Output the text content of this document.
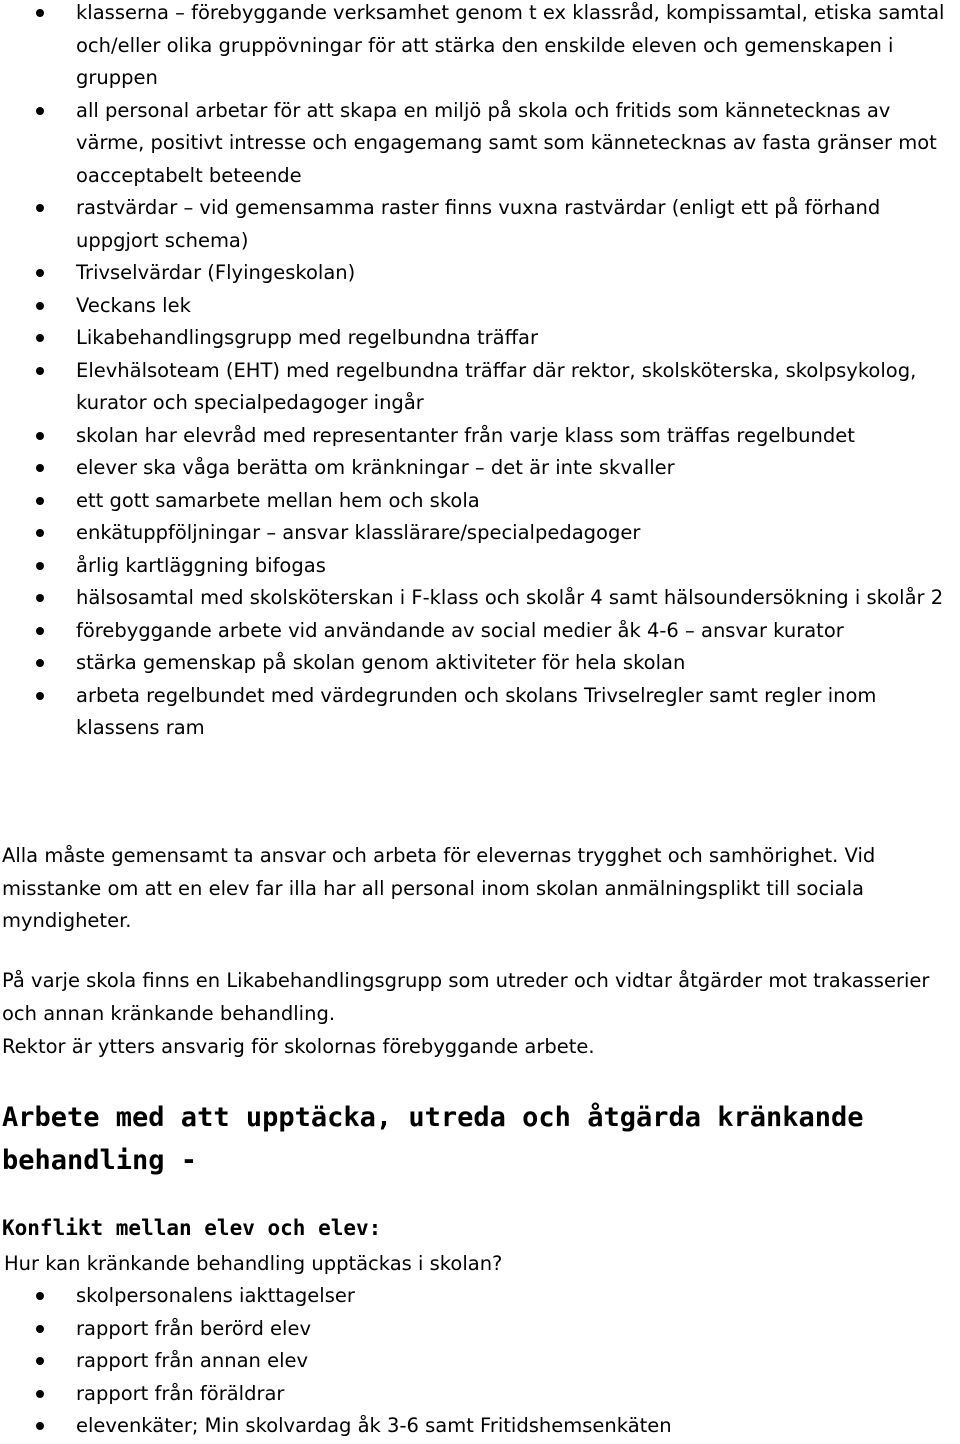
klasserna – förebyggande verksamhet genom t ex klassråd, kompissamtal, etiska samtal och/eller olika gruppövningar för att stärka den enskilde eleven och gemenskapen i gruppen
all personal arbetar för att skapa en miljö på skola och fritids som kännetecknas av värme, positivt intresse och engagemang samt som kännetecknas av fasta gränser mot oacceptabelt beteende
rastvärdar – vid gemensamma raster finns vuxna rastvärdar (enligt ett på förhand uppgjort schema)
Trivselvärdar (Flyingeskolan)
Veckans lek
Likabehandlingsgrupp med regelbundna träffar
Elevhälsoteam (EHT) med regelbundna träffar där rektor, skolsköterska, skolpsykolog, kurator och specialpedagoger ingår
skolan har elevråd med representanter från varje klass som träffas regelbundet
elever ska våga berätta om kränkningar – det är inte skvaller
ett gott samarbete mellan hem och skola
enkätuppföljningar – ansvar klasslärare/specialpedagoger
årlig kartläggning bifogas
hälsosamtal med skolsköterskan i F-klass och skolår 4 samt hälsoundersökning i skolår 2
förebyggande arbete vid användande av social medier åk 4-6 – ansvar kurator
stärka gemenskap på skolan genom aktiviteter för hela skolan
arbeta regelbundet med värdegrunden och skolans Trivselregler samt regler inom klassens ram

Alla måste gemensamt ta ansvar och arbeta för elevernas trygghet och samhörighet. Vid misstanke om att en elev far illa har all personal inom skolan anmälningsplikt till sociala myndigheter.

På varje skola finns en Likabehandlingsgrupp som utreder och vidtar åtgärder mot trakasserier och annan kränkande behandling.

Rektor är ytters ansvarig för skolornas förebyggande arbete.

Arbete med att upptäcka, utreda och åtgärda kränkande behandling -
Konflikt mellan elev och elev:

Hur kan kränkande behandling upptäckas i skolan?

skolpersonalens iakttagelser
rapport från berörd elev
rapport från annan elev
rapport från föräldrar
elevenkäter; Min skolvardag åk 3-6 samt Fritidshemsenkäten
